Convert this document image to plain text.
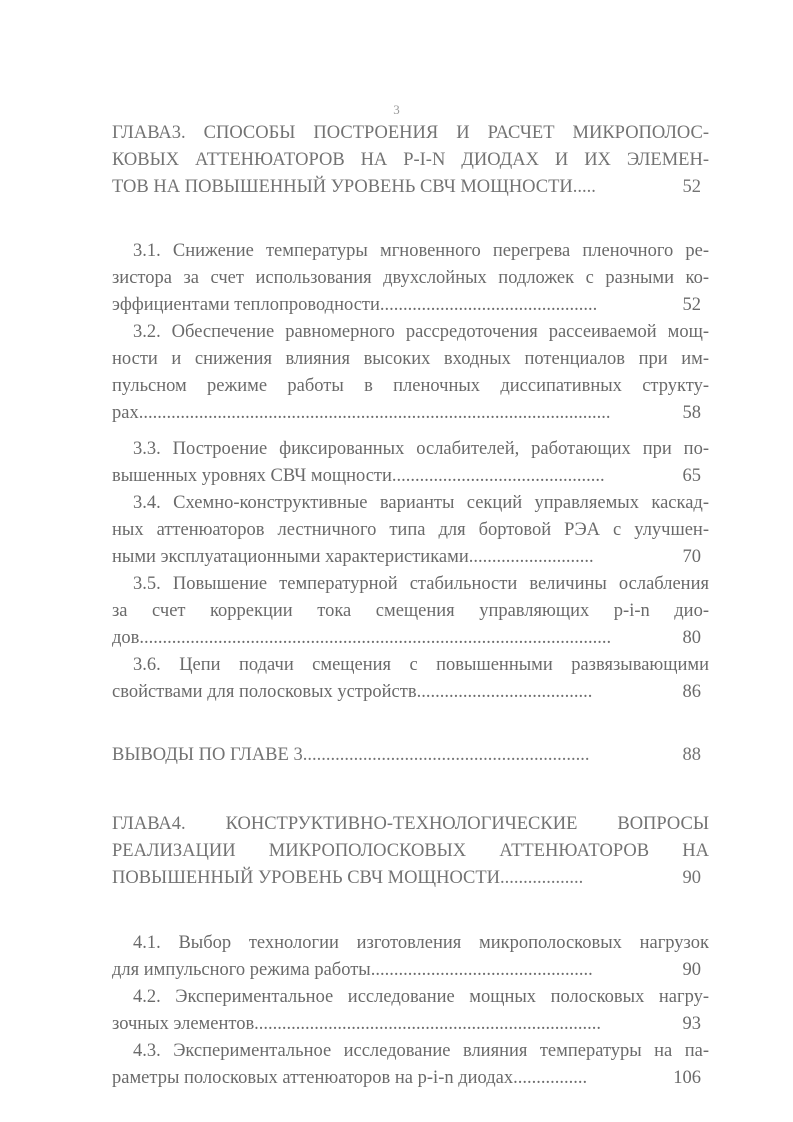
3
ГЛАВА3. СПОСОБЫ ПОСТРОЕНИЯ И РАСЧЕТ МИКРОПОЛОС-
КОВЫХ АТТЕНЮАТОРОВ НА P-I-N ДИОДАХ И ИХ ЭЛЕМЕН-
ТОВ НА ПОВЫШЕННЫЙ УРОВЕНЬ СВЧ МОЩНОСТИ.....	52
3.1. Снижение температуры мгновенного перегрева пленочного ре-
зистора за счет использования двухслойных подложек с разными ко-
эффициентами теплопроводности...............................................	52
3.2. Обеспечение равномерного рассредоточения рассеиваемой мощ-
ности и снижения влияния высоких входных потенциалов при им-
пульсном режиме работы в пленочных диссипативных структу-
рах......................................................................................................	58
3.3. Построение фиксированных ослабителей, работающих при по-
вышенных уровнях СВЧ мощности..............................................	65
3.4. Схемно-конструктивные варианты секций управляемых каскад-
ных аттенюаторов лестничного типа для бортовой РЭА с улучшен-
ными эксплуатационными характеристиками...........................	70
3.5. Повышение температурной стабильности величины ослабления
за счет коррекции тока смещения управляющих p-i-n дио-
дов......................................................................................................	80
3.6. Цепи подачи смещения с повышенными развязывающими
свойствами для полосковых устройств......................................	86
ВЫВОДЫ ПО ГЛАВЕ 3..............................................................	88
ГЛАВА4. КОНСТРУКТИВНО-ТЕХНОЛОГИЧЕСКИЕ ВОПРОСЫ
РЕАЛИЗАЦИИ МИКРОПОЛОСКОВЫХ АТТЕНЮАТОРОВ НА
ПОВЫШЕННЫЙ УРОВЕНЬ СВЧ МОЩНОСТИ..................	90
4.1. Выбор технологии изготовления микрополосковых нагрузок
для импульсного режима работы................................................	90
4.2. Экспериментальное исследование мощных полосковых нагру-
зочных элементов...........................................................................	93
4.3. Экспериментальное исследование влияния температуры на па-
раметры полосковых аттенюаторов на p-i-n диодах................	106
